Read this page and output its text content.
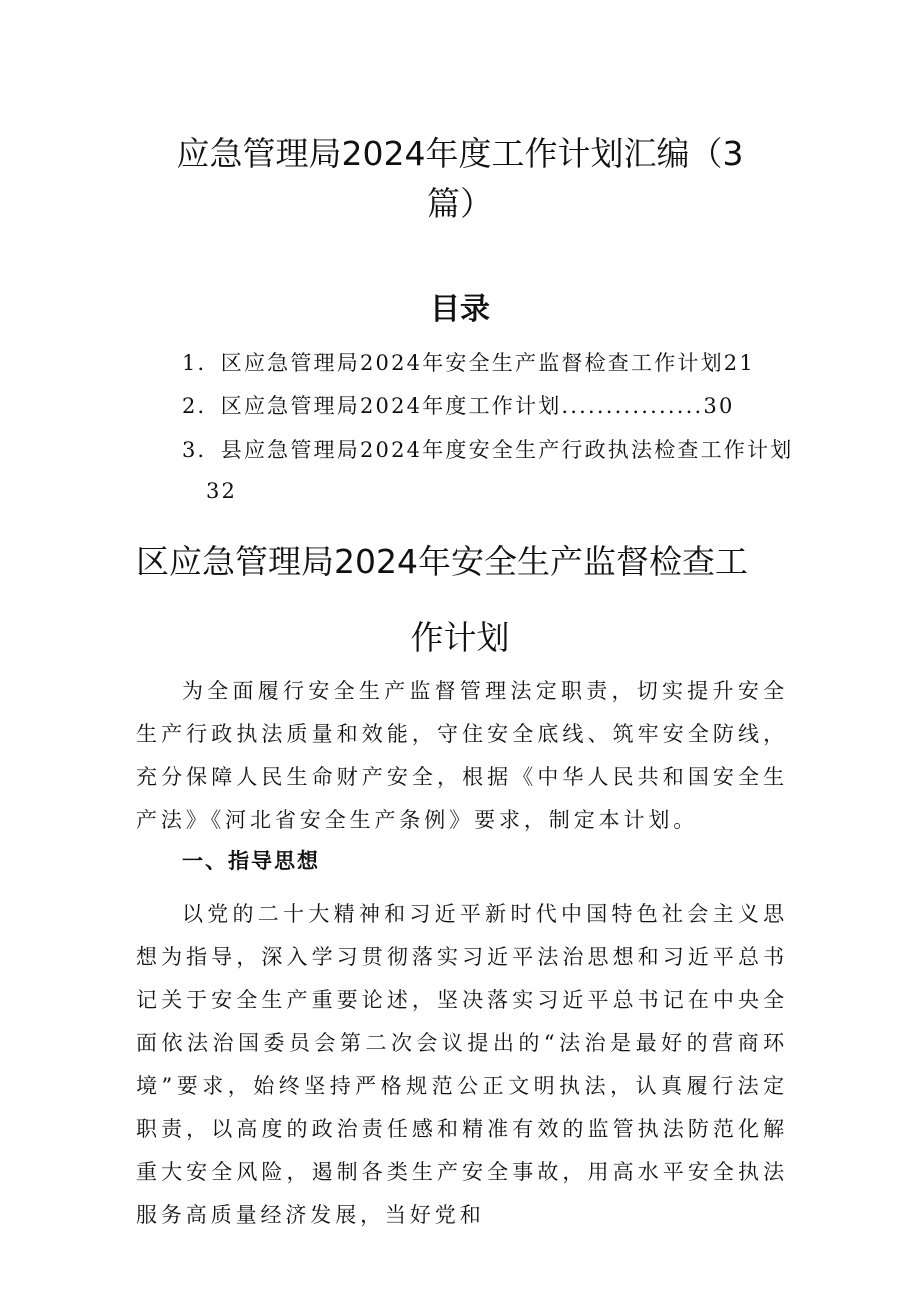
应急管理局2024年度工作计划汇编（3
篇）
目录
1．区应急管理局2024年安全生产监督检查工作计划21
2．区应急管理局2024年度工作计划................30
3．县应急管理局2024年度安全生产行政执法检查工作计划
32
区应急管理局2024年安全生产监督检查工
作计划
为全面履行安全生产监督管理法定职责，切实提升安全生产行政执法质量和效能，守住安全底线、筑牢安全防线，充分保障人民生命财产安全，根据《中华人民共和国安全生产法》《河北省安全生产条例》要求，制定本计划。
一、指导思想
以党的二十大精神和习近平新时代中国特色社会主义思想为指导，深入学习贯彻落实习近平法治思想和习近平总书记关于安全生产重要论述，坚决落实习近平总书记在中央全面依法治国委员会第二次会议提出的“法治是最好的营商环境”要求，始终坚持严格规范公正文明执法，认真履行法定职责，以高度的政治责任感和精准有效的监管执法防范化解重大安全风险，遏制各类生产安全事故，用高水平安全执法服务高质量经济发展，当好党和
